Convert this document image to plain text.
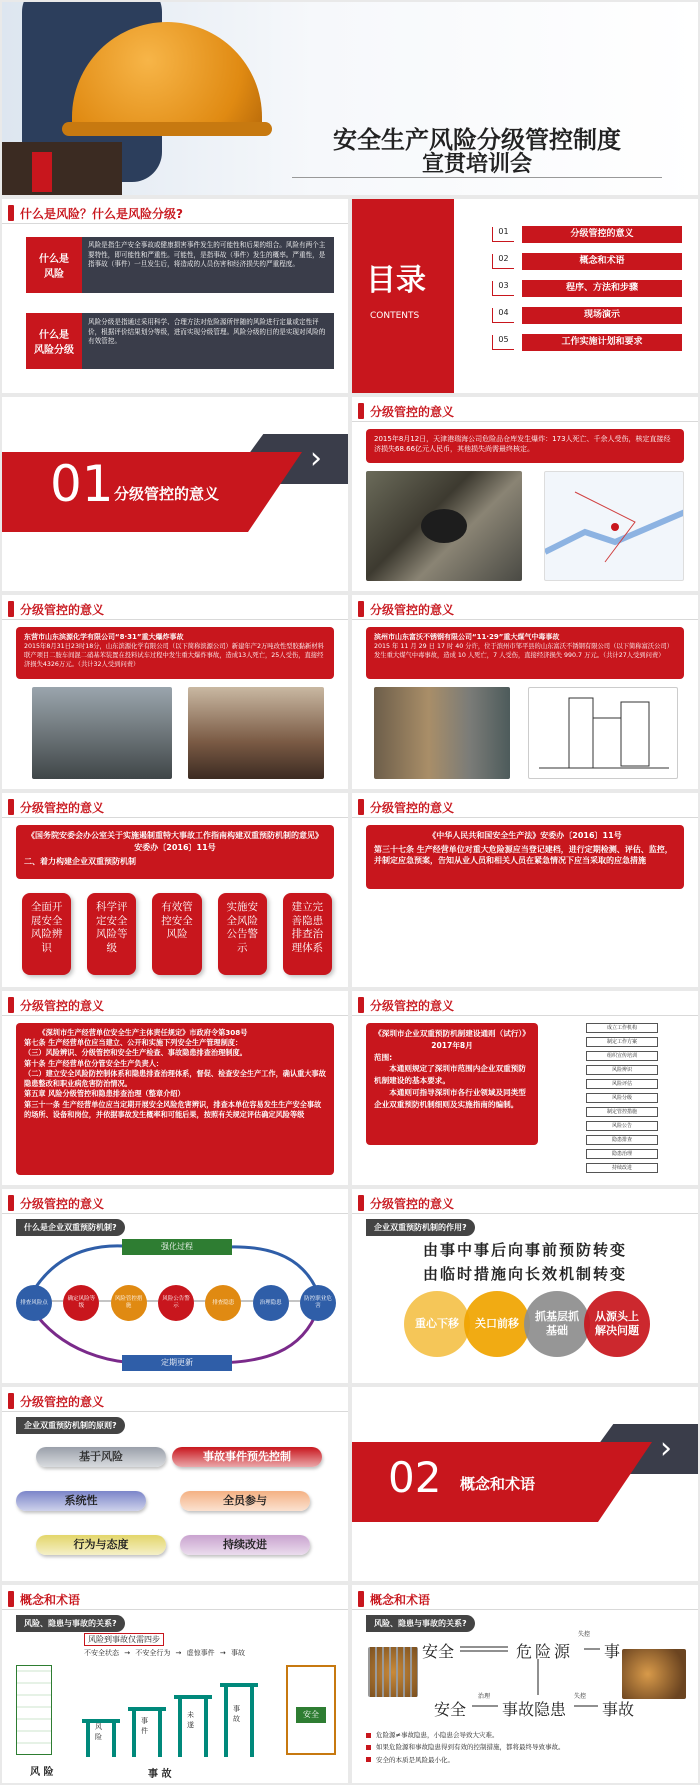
安全生产风险分级管控制度
宣贯培训会
什么是风险？什么是风险分级?
什么是
风险
风险是指生产安全事故或健康损害事件发生的可能性和后果的组合。风险有两个主要特性，即可能性和严重性。可能性，是指事故（事件）发生的概率。严重性，是指事故（事件）一旦发生后，将造成的人员伤害和经济损失的严重程度。
什么是
风险分级
风险分级是指通过采用科学、合理方法对危险源所伴随的风险进行定量或定性评价，根据评价结果划分等级，进而实现分级管理。风险分级的目的是实现对风险的有效管控。
目录
CONTENTS
01	分级管控的意义
02	概念和术语
03	程序、方法和步骤
04	现场演示
05	工作实施计划和要求
01 分级管控的意义
›
分级管控的意义
2015年8月12日，天津港瑞海公司危险品仓库发生爆炸：173人死亡、千余人受伤，核定直接经济损失68.66亿元人民币，其他损失尚需最终核定。
分级管控的意义
东营市山东滨源化学有限公司“8·31”重大爆炸事故
2015年8月31日23时18分，山东滨源化学有限公司（以下简称滨源公司）新建年产2万吨改性型胶黏新材料联产项目二胺车间混二硝基苯装置在投料试车过程中发生重大爆炸事故，造成13人死亡，25人受伤，直接经济损失4326万元。（共计32人受到问责）
分级管控的意义
滨州市山东富沃不锈钢有限公司“11·29”重大煤气中毒事故
2015 年 11 月 29 日 17 时 40 分许，位于滨州市邹平县的山东富沃不锈钢有限公司（以下简称富沃公司）发生重大煤气中毒事故，造成 10 人死亡，7 人受伤，直接经济损失 990.7 万元。（共计27人受到问责）
分级管控的意义
《国务院安委会办公室关于实施遏制重特大事故工作指南构建双重预防机制的意见》安委办〔2016〕11号
二、着力构建企业双重预防机制
全面开展安全风险辨识
科学评定安全风险等级
有效管控安全风险
实施安全风险公告警示
建立完善隐患排查治理体系
分级管控的意义
《中华人民共和国安全生产法》安委办〔2016〕11号
第三十七条 生产经营单位对重大危险源应当登记建档，进行定期检测、评估、监控，并制定应急预案，告知从业人员和相关人员在紧急情况下应当采取的应急措施
分级管控的意义
《深圳市生产经营单位安全生产主体责任规定》市政府令第308号
第七条 生产经营单位应当建立、公开和实施下列安全生产管理制度：
（三）风险辨识、分级管控和安全生产检查、事故隐患排查治理制度。
第十条 生产经营单位分管安全生产负责人：
（二）建立安全风险防控制体系和隐患排查治理体系，督促、检查安全生产工作，确认重大事故隐患整改和职业病危害防治情况。
第五章 风险分级管控和隐患排查治理（整章介绍）
第三十一条 生产经营单位应当定期开展安全风险危害辨识，排查本单位容易发生生产安全事故的场所、设备和岗位，并依据事故发生概率和可能后果，按照有关规定评估确定风险等级
分级管控的意义
《深圳市企业双重预防机制建设通则（试行）》2017年8月
范围:
本通则规定了深圳市范围内企业双重预防机制建设的基本要求。
本通则可指导深圳市各行业领域及同类型企业双重预防机制细则及实施指南的编制。
成立工作机构
制定工作方案
组织宣传培训
风险辨识
风险评估
风险分级
制定管控措施
风险公告
隐患排查
隐患治理
持续改进
分级管控的意义
什么是企业双重预防机制?
强化过程
定期更新
排查风险点
确定风险等级
风险管控措施
风险公告警示
排查隐患	治理隐患
防控职业危害
分级管控的意义
企业双重预防机制的作用?
由事中事后向事前预防转变
由临时措施向长效机制转变
重心下移	关口前移
抓基层抓基础
从源头上解决问题
分级管控的意义
企业双重预防机制的原则?
基于风险	事故事件预先控制
系统性	全员参与
行为与态度	持续改进
02 概念和术语
›
概念和术语
风险、隐患与事故的关系?
风险到事故仅需四步
不安全状态 → 不安全行为 → 虚惊事件 → 事故
风险
事件
未遂
事故	安全
风 险	事 故
概念和术语
风险、隐患与事故的关系?
安全	危险源 事
安全 事故隐患 事故
失控
失控
治理
危险源≠事故隐患，小隐患会导致大灾难。
如果危险源和事故隐患得到有效的控制措施，都将最终导致事故。
安全的本质是风险最小化。
